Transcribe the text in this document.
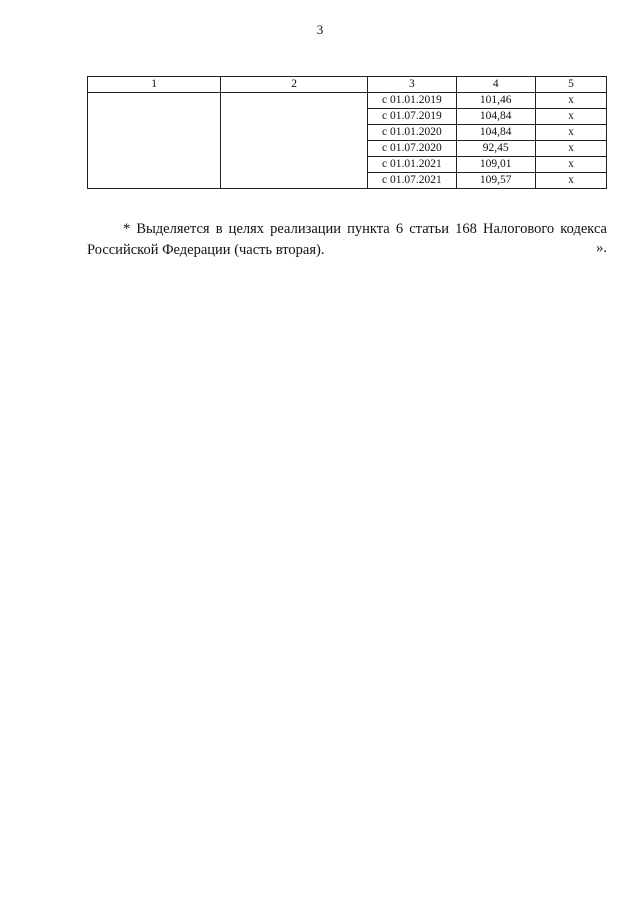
3
1	2	3	4	5
		с 01.01.2019	101,46	х
		с 01.07.2019	104,84	х
		с 01.01.2020	104,84	х
		с 01.07.2020	92,45	х
		с 01.01.2021	109,01	х
		с 01.07.2021	109,57	х

* Выделяется в целях реализации пункта 6 статьи 168 Налогового кодекса Российской Федерации (часть вторая).	».
